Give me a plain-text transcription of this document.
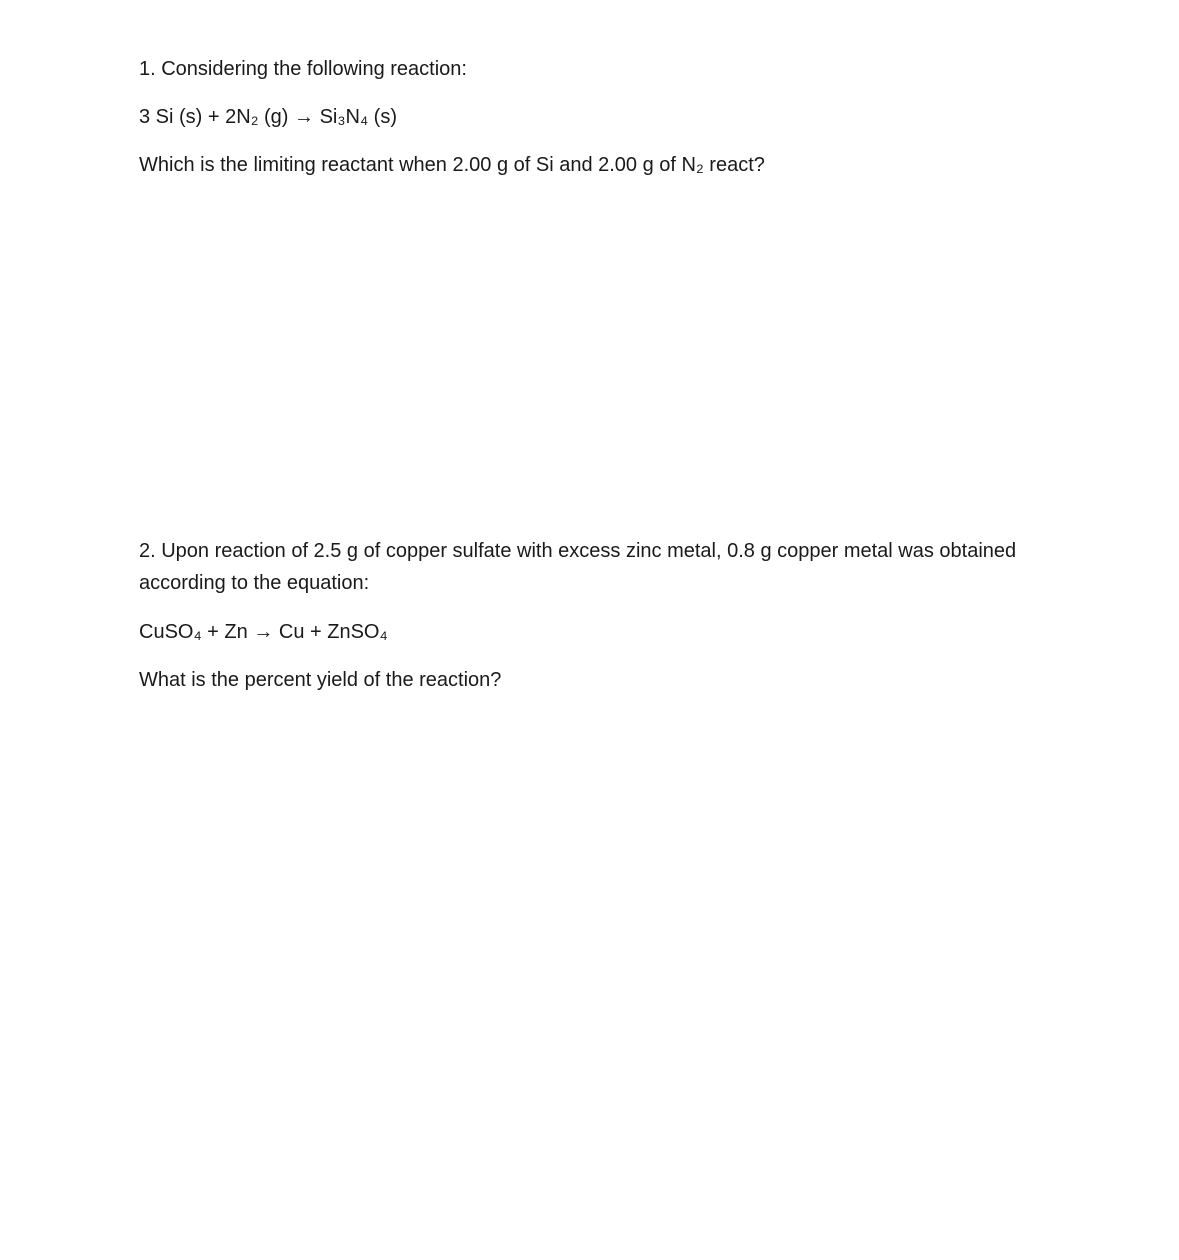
1. Considering the following reaction:
3 Si (s) + 2N₂ (g) → Si₃N₄ (s)
Which is the limiting reactant when 2.00 g of Si and 2.00 g of N₂ react?
2. Upon reaction of 2.5 g of copper sulfate with excess zinc metal, 0.8 g copper metal was obtained according to the equation:
CuSO₄ + Zn → Cu + ZnSO₄
What is the percent yield of the reaction?
